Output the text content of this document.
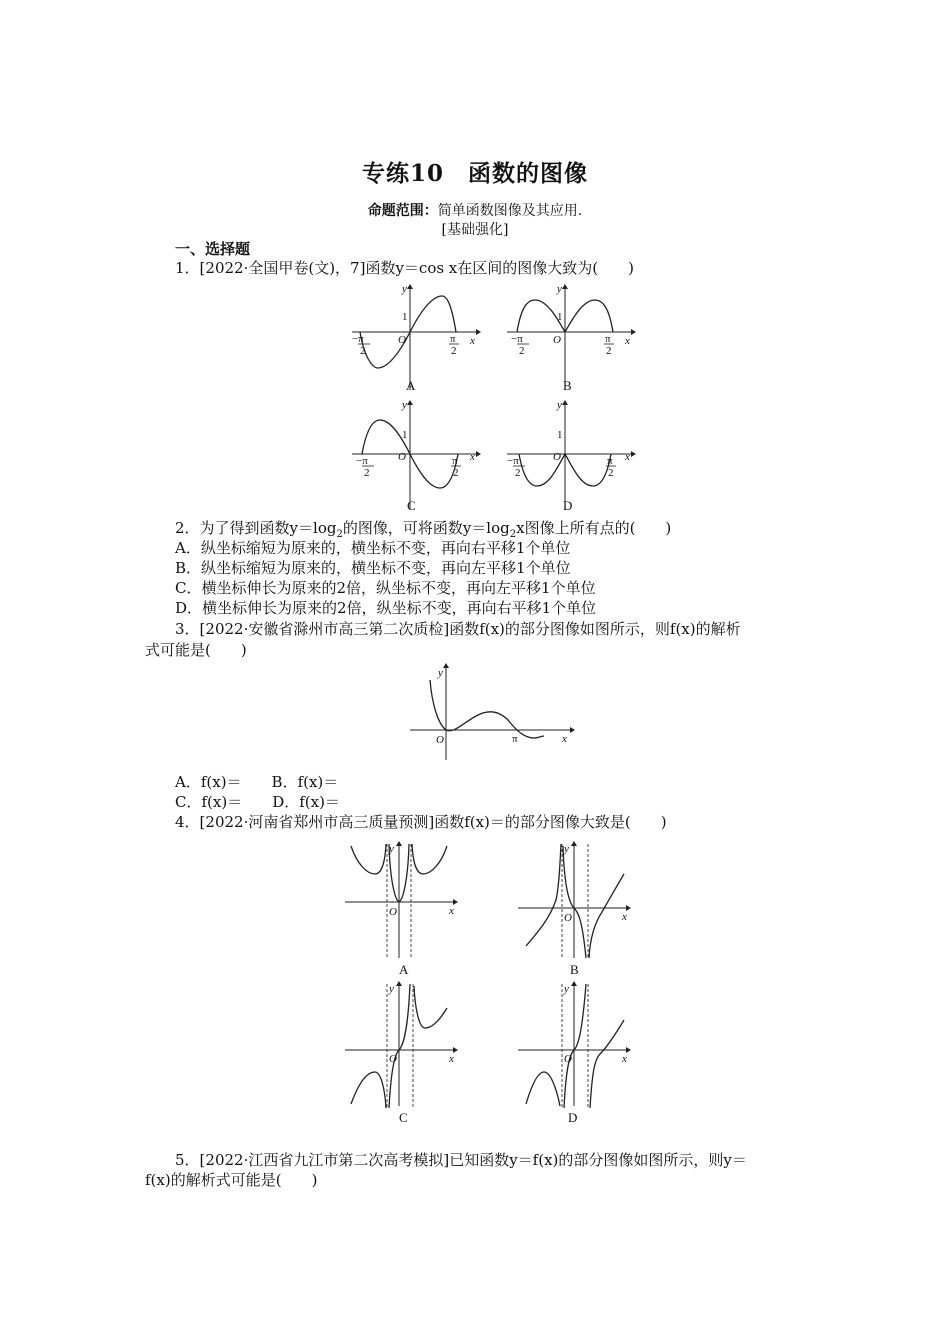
专练10　函数的图像
命题范围：简单函数图像及其应用.
[基础强化]
一、选择题
1．[2022·全国甲卷(文)，7]函数y＝cos x在区间的图像大致为(　　)
y
x
O
1
−π
2
π
2
A
y
x
O
1
−π
2
π
2
B
y
x
O
1
−π
2
π
2
C
y
x
O
1
−π
2
π
2
D
2．为了得到函数$y=\log_2$的图像，可将函数$y=\log_2x$图像上所有点的(　　)
A．纵坐标缩短为原来的，横坐标不变，再向右平移1个单位
B．纵坐标缩短为原来的，横坐标不变，再向左平移1个单位
C．横坐标伸长为原来的2倍，纵坐标不变，再向左平移1个单位
D．横坐标伸长为原来的2倍，纵坐标不变，再向右平移1个单位
3．[2022·安徽省滁州市高三第二次质检]函数f(x)的部分图像如图所示，则f(x)的解析
式可能是(　　)
y
x
O	π
A．f(x)＝　　B．f(x)＝
C．f(x)＝　　D．f(x)＝
4．[2022·河南省郑州市高三质量预测]函数f(x)＝的部分图像大致是(　　)
y
x
O
A
y
x
O
B
y
x
O
C
y
x
O
D
5．[2022·江西省九江市第二次高考模拟]已知函数y＝f(x)的部分图像如图所示，则y＝
f(x)的解析式可能是(　　)
